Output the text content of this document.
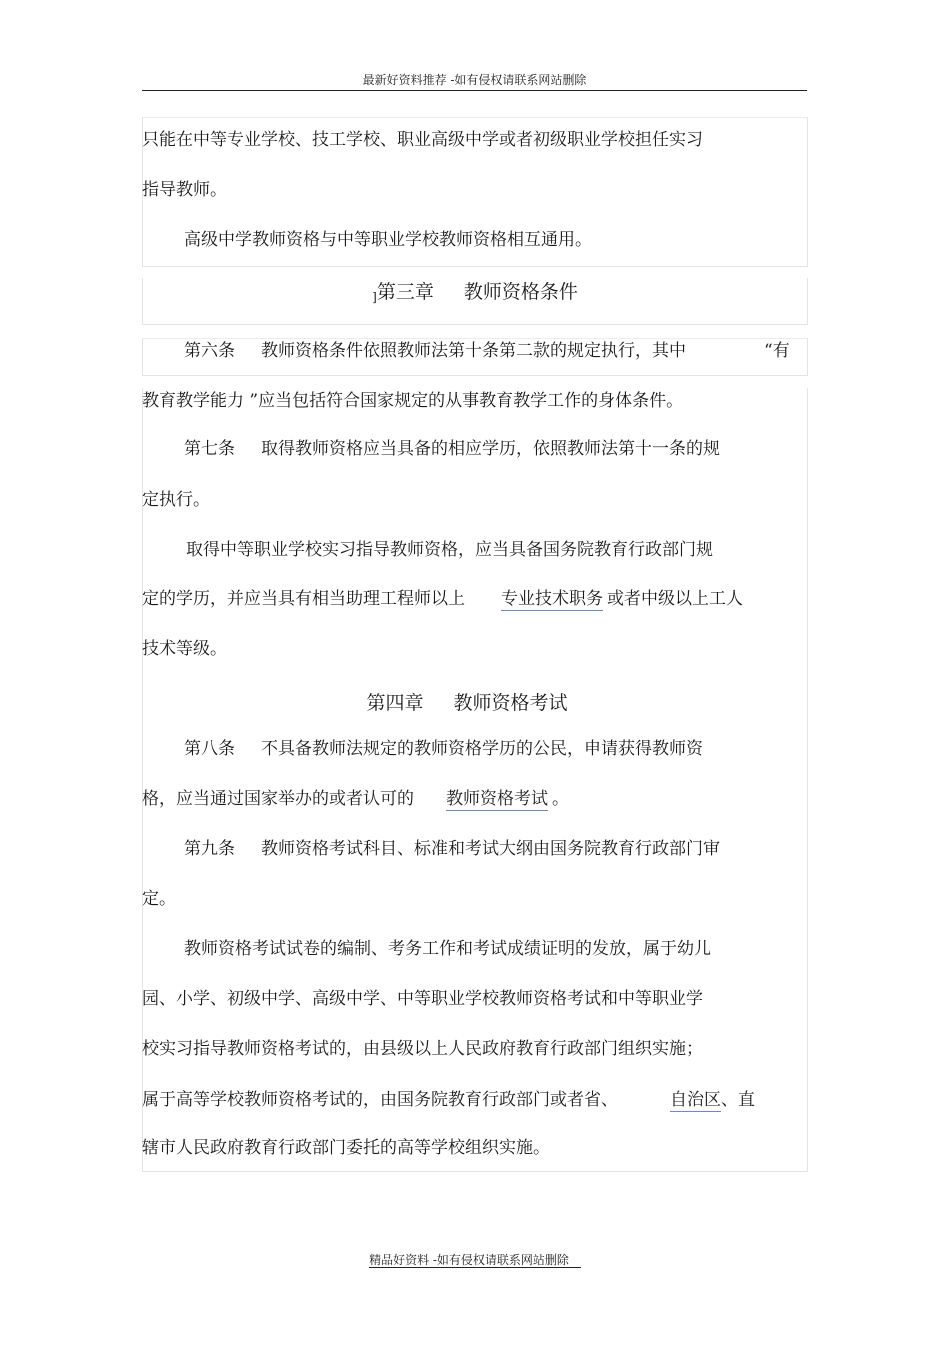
最新好资料推荐 -如有侵权请联系网站删除
只能在中等专业学校、技工学校、职业高级中学或者初级职业学校担任实习
指导教师。
高级中学教师资格与中等职业学校教师资格相互通用。
]第三章 教师资格条件
第六条 教师资格条件依照教师法第十条第二款的规定执行，其中	“有
教育教学能力 ”应当包括符合国家规定的从事教育教学工作的身体条件。
第七条 取得教师资格应当具备的相应学历，依照教师法第十一条的规
定执行。
取得中等职业学校实习指导教师资格，应当具备国务院教育行政部门规
定的学历，并应当具有相当助理工程师以上 专业技术职务 或者中级以上工人
技术等级。
第四章 教师资格考试
第八条 不具备教师法规定的教师资格学历的公民，申请获得教师资
格，应当通过国家举办的或者认可的 教师资格考试 。
第九条 教师资格考试科目、标准和考试大纲由国务院教育行政部门审
定。
教师资格考试试卷的编制、考务工作和考试成绩证明的发放，属于幼儿
园、小学、初级中学、高级中学、中等职业学校教师资格考试和中等职业学
校实习指导教师资格考试的，由县级以上人民政府教育行政部门组织实施；
属于高等学校教师资格考试的，由国务院教育行政部门或者省、	自治区、直
辖市人民政府教育行政部门委托的高等学校组织实施。
精品好资料 -如有侵权请联系网站删除
